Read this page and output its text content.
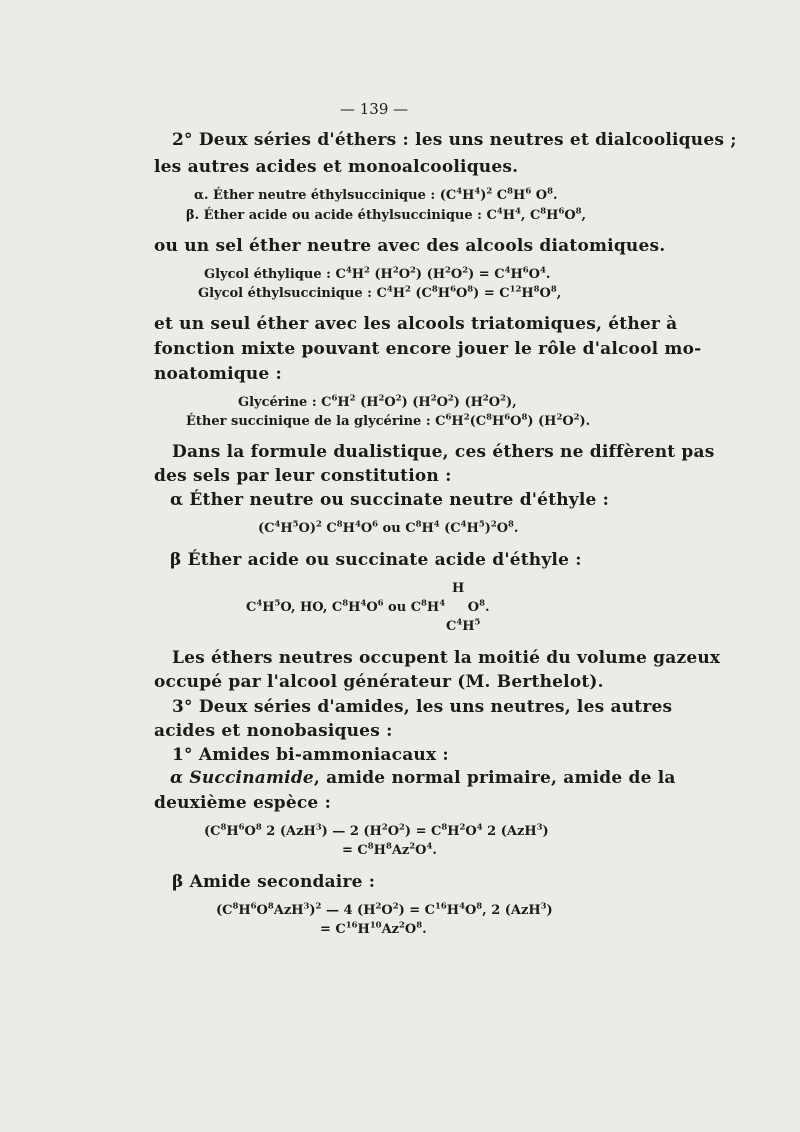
— 139 —
2° Deux séries d'éthers : les uns neutres et dialcooliques ;
les autres acides et monoalcooliques.
α. Éther neutre éthylsuccinique : $(C^4H^4)^2$ $C^8H^6$ $O^8$.
β. Éther acide ou acide éthylsuccinique : $C^4H^4$, $C^8H^6O^8$,
ou un sel éther neutre avec des alcools diatomiques.
Glycol éthylique : $C^4H^2$ $(H^2O^2) (H^2O^2) = C^4H^6O^4$.
Glycol éthylsuccinique : $C^4H^2$ $(C^8H^6O^8) = C^{12}H^8O^8$,
et un seul éther avec les alcools triatomiques, éther à
fonction mixte pouvant encore jouer le rôle d'alcool mo-
noatomique :
Glycérine : $C^6H^2$ $(H^2O^2)$ $(H^2O^2)$ $(H^2O^2)$,
Éther succinique de la glycérine : $C^6H^2(C^8H^6O^8)$ $(H^2O^2)$.
Dans la formule dualistique, ces éthers ne diffèrent pas
des sels par leur constitution :
α Éther neutre ou succinate neutre d'éthyle :
$(C^4H^5O)^2$ $C^8H^4O^6$ ou $C^8H^4$ $(C^4H^5)^2O^8$.
β Éther acide ou succinate acide d'éthyle :
H
$C^4H^5O$, HO, $C^8H^4O^6$ ou $C^8H^4$     $O^8$.
$C^4H^5$
Les éthers neutres occupent la moitié du volume gazeux
occupé par l'alcool générateur (M. Berthelot).
3° Deux séries d'amides, les uns neutres, les autres
acides et nonobasiques :
1° Amides bi-ammoniacaux :
α Succinamide, amide normal primaire, amide de la
deuxième espèce :
($C^8H^6O^8$ 2 (AzH$^3$) — 2 $(H^2O^2) = C^8H^2O^4$ 2 (AzH$^3$)
= $C^8H^8Az^2O^4$.
β Amide secondaire :
$(C^8H^6O^8AzH^3)^2$ — 4 $(H^2O^2) = C^{16}H^4O^8$, 2 (AzH$^3$)
= $C^{16}H^{10}Az^2O^8$.
